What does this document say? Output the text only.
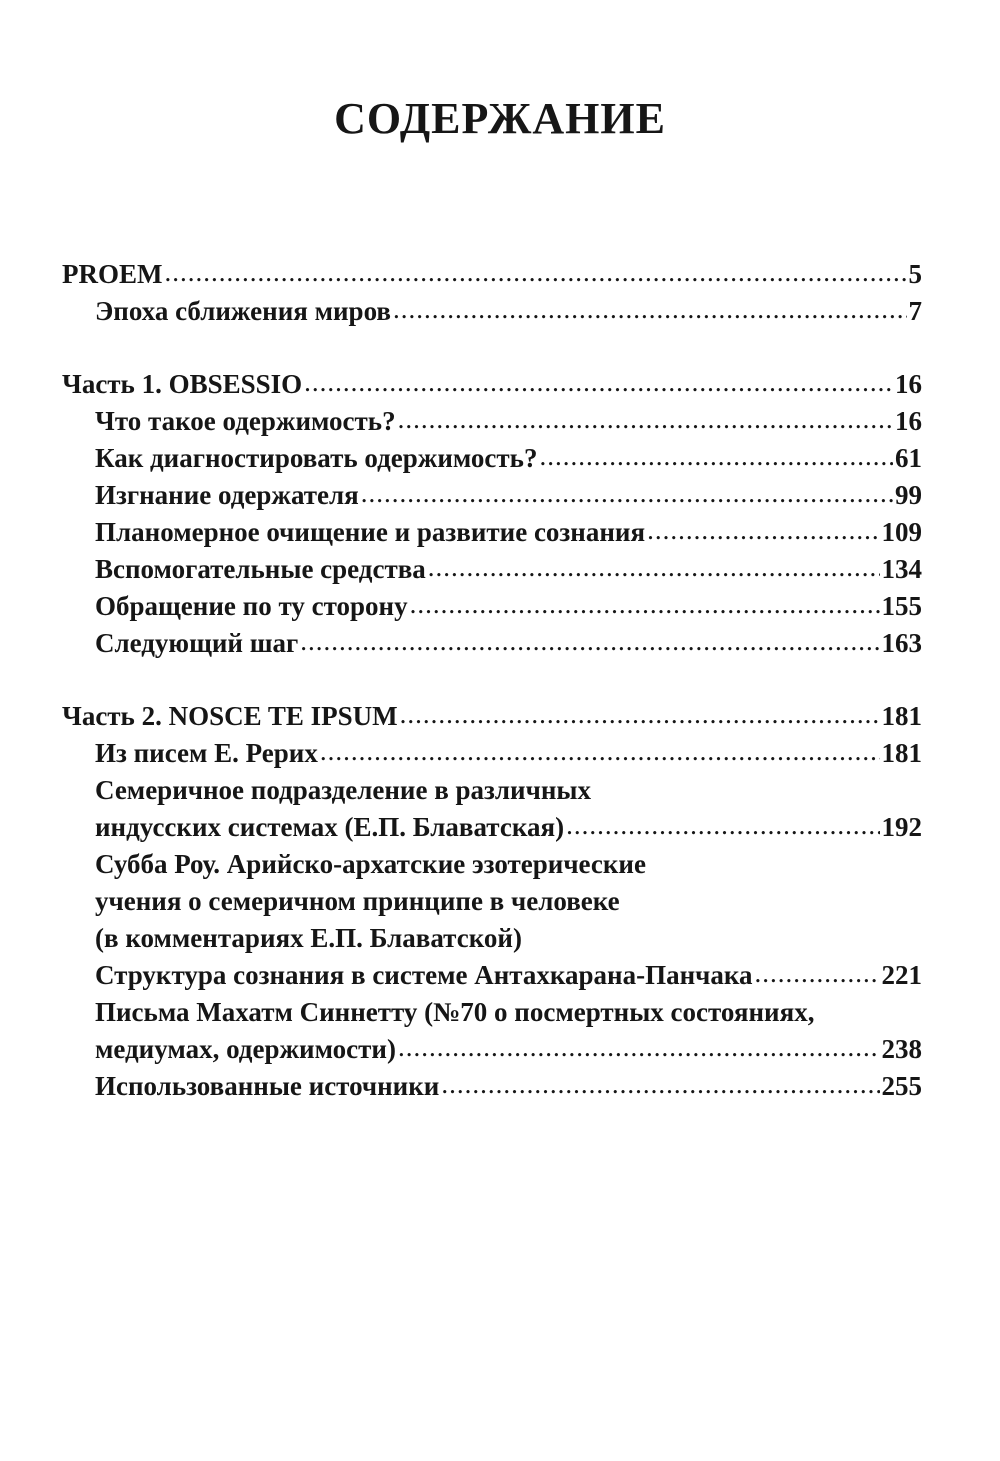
СОДЕРЖАНИЕ
PROEM .....	5
Эпоха сближения миров .....	7
Часть 1. OBSESSIO .....	16
Что такое одержимость? .....	16
Как диагностировать одержимость? .....	61
Изгнание одержателя .....	99
Планомерное очищение и развитие сознания .....	109
Вспомогательные средства .....	134
Обращение по ту сторону .....	155
Следующий шаг .....	163
Часть 2. NOSCE TE IPSUM .....	181
Из писем Е. Рерих .....	181
Семеричное подразделение в различных
индусских системах (Е.П. Блаватская) .....	192
Субба Роу. Арийско-архатские эзотерические
учения о семеричном принципе в человеке
(в комментариях Е.П. Блаватской)
Структура сознания в системе Антахкарана-Панчака .....	221
Письма Махатм Синнетту (№70 о посмертных состояниях,
медиумах, одержимости) .....	238
Использованные источники .....	255
